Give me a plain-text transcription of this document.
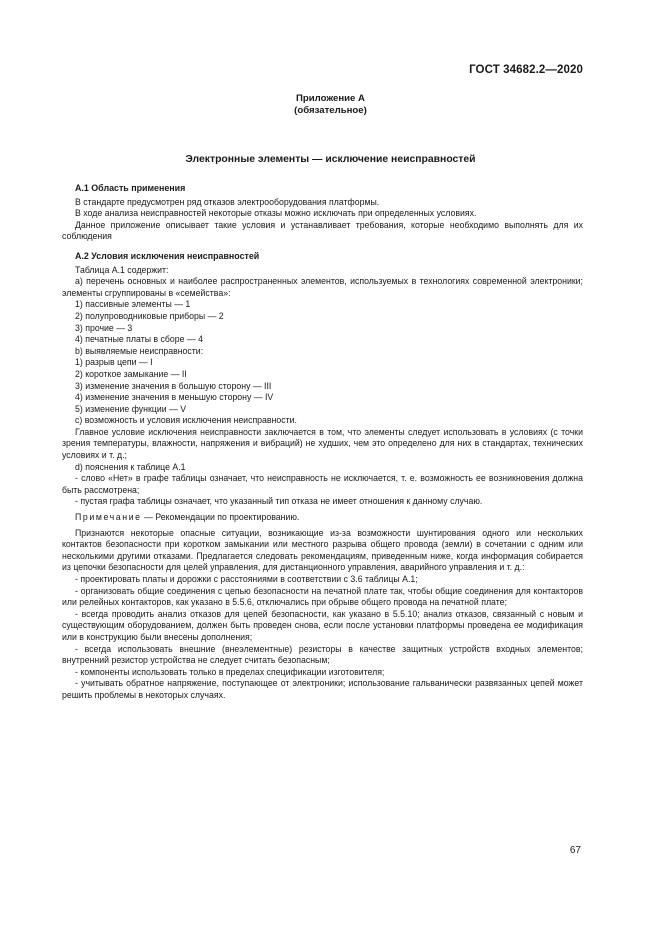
ГОСТ 34682.2—2020
Приложение А
(обязательное)
Электронные элементы — исключение неисправностей
А.1 Область применения

В стандарте предусмотрен ряд отказов электрооборудования платформы.

В ходе анализа неисправностей некоторые отказы можно исключать при определенных условиях.

Данное приложение описывает такие условия и устанавливает требования, которые необходимо выполнять для их соблюдения

А.2 Условия исключения неисправностей

Таблица А.1 содержит:

а) перечень основных и наиболее распространенных элементов, используемых в технологиях современной электроники; элементы сгруппированы в «семейства»:

1) пассивные элементы — 1

2) полупроводниковые приборы — 2

3) прочие — 3

4) печатные платы в сборе — 4

b) выявляемые неисправности:

1) разрыв цепи — I

2) короткое замыкание — II

3) изменение значения в большую сторону — III

4) изменение значения в меньшую сторону — IV

5) изменение функции — V

c) возможность и условия исключения неисправности.

Главное условие исключения неисправности заключается в том, что элементы следует использовать в условиях (с точки зрения температуры, влажности, напряжения и вибраций) не худших, чем это определено для них в стандартах, технических условиях и т. д.;

d) пояснения к таблице А.1

- слово «Нет» в графе таблицы означает, что неисправность не исключается, т. е. возможность ее возникновения должна быть рассмотрена;

- пустая графа таблицы означает, что указанный тип отказа не имеет отношения к данному случаю.

Примечание — Рекомендации по проектированию.

Признаются некоторые опасные ситуации, возникающие из-за возможности шунтирования одного или нескольких контактов безопасности при коротком замыкании или местного разрыва общего провода (земли) в сочетании с одним или несколькими другими отказами. Предлагается следовать рекомендациям, приведенным ниже, когда информация собирается из цепочки безопасности для целей управления, для дистанционного управления, аварийного управления и т. д.:

- проектировать платы и дорожки с расстояниями в соответствии с 3.6 таблицы А.1;

- организовать общие соединения с цепью безопасности на печатной плате так, чтобы общие соединения для контакторов или релейных контакторов, как указано в 5.5.6, отключались при обрыве общего провода на печатной плате;

- всегда проводить анализ отказов для цепей безопасности, как указано в 5.5.10; анализ отказов, связанный с новым и существующим оборудованием, должен быть проведен снова, если после установки платформы проведена ее модификация или в конструкцию были внесены дополнения;

- всегда использовать внешние (внеэлементные) резисторы в качестве защитных устройств входных элементов; внутренний резистор устройства не следует считать безопасным;

- компоненты использовать только в пределах спецификации изготовителя;

- учитывать обратное напряжение, поступающее от электроники; использование гальванически развязанных цепей может решить проблемы в некоторых случаях.

67
